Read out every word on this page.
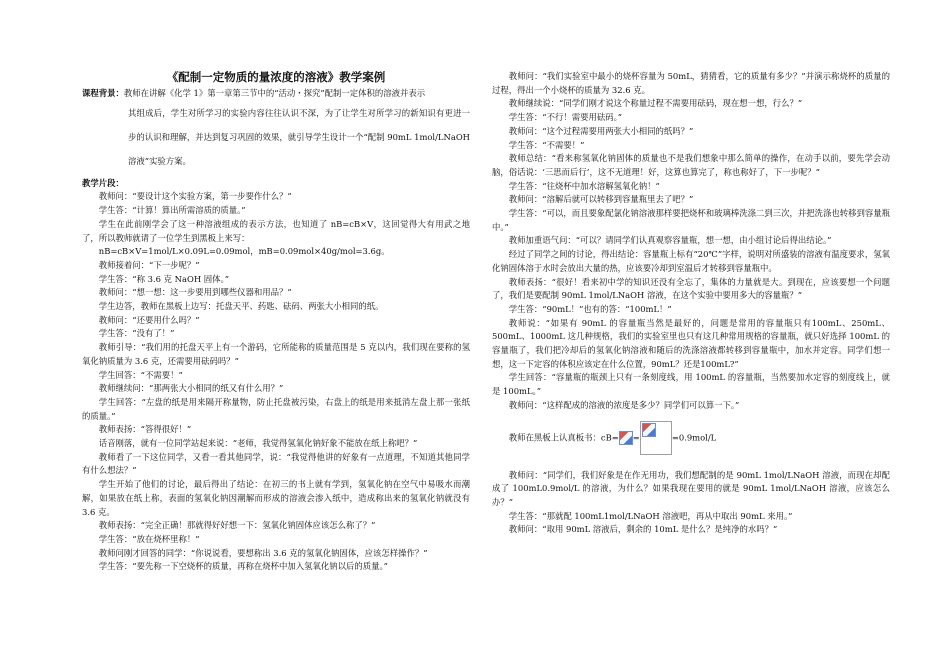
《配制一定物质的量浓度的溶液》教学案例

课程背景：教师在讲解《化学 1》第一章第三节中的“活动・探究”配制一定体积的溶液并表示

其组成后，学生对所学习的实验内容往往认识不深，为了让学生对所学习的新知识有更进一步的认识和理解，并达到复习巩固的效果，就引导学生设计一个“配制 90mL 1mol/LNaOH 溶液”实验方案。

教学片段：

教师问：“要设计这个实验方案，第一步要作什么？”

学生答：“计算！算出所需溶质的质量。”

学生在此前刚学会了这一种溶液组成的表示方法，也知道了 nB=cB×V，这回觉得大有用武之地了，所以教师就请了一位学生到黑板上来写：

nB=cB×V=1mol/L×0.09L=0.09mol，mB=0.09mol×40g/mol=3.6g。

教师接着问：“下一步呢？”

学生答：“称 3.6 克 NaOH 固体。”

教师问：“想一想：这一步要用到哪些仪器和用品？”

学生边答，教师在黑板上边写：托盘天平、药匙、砝码、两张大小相同的纸。

教师问：“还要用什么吗？”

学生答：“没有了！”

教师引导：“我们用的托盘天平上有一个游码，它所能称的质量范围是 5 克以内，我们现在要称的氢氧化钠质量为 3.6 克，还需要用砝码吗？”

学生回答：“不需要！”

教师继续问：“那两张大小相同的纸又有什么用？”

学生回答：“左盘的纸是用来隔开称量物，防止托盘被污染，右盘上的纸是用来抵消左盘上那一张纸的质量。”

教师表扬：“答得很好！”

话音刚落，就有一位同学站起来说：“老师，我觉得氢氧化钠好象不能放在纸上称吧？”

教师看了一下这位同学，又看一看其他同学，说：“我觉得他讲的好象有一点道理，不知道其他同学有什么想法？”

学生开始了他们的讨论，最后得出了结论：在初三的书上就有学到，氢氧化钠在空气中易吸水而潮解，如果放在纸上称，表面的氢氧化钠因潮解而形成的溶液会渗入纸中，造成称出来的氢氧化钠就没有 3.6 克。

教师表扬：“完全正确！那就得好好想一下：氢氧化钠固体应该怎么称了？”

学生答：“放在烧杯里称！”

教师问刚才回答的同学：“你说说看，要想称出 3.6 克的氢氧化钠固体，应该怎样操作？”

学生答：“要先称一下空烧杯的质量，再称在烧杯中加入氢氧化钠以后的质量。”

教师问：“我们实验室中最小的烧杯容量为 50mL，猜猜看，它的质量有多少？”并演示称烧杯的质量的过程，得出一个小烧杯的质量为 32.6 克。

教师继续说：“同学们刚才说这个称量过程不需要用砝码，现在想一想，行么？”

学生答：“不行！需要用砝码。”

教师问：“这个过程需要用两张大小相同的纸吗？”

学生答：“不需要！”

教师总结：“看来称氢氧化钠固体的质量也不是我们想象中那么简单的操作，在动手以前，要先学会动脑，俗话说：‘三思而后行’，这不无道理！好，这算也算完了，称也称好了，下一步呢？”

学生答：“往烧杯中加水溶解氢氧化钠！”

教师问：“溶解后就可以转移到容量瓶里去了吧？”

学生答：“可以，而且要象配氯化钠溶液那样要把烧杯和玻璃棒洗涤二到三次，并把洗涤也转移到容量瓶中。”

教师加重语气问：“可以？请同学们认真观察容量瓶，想一想，由小组讨论后得出结论。”

经过了同学之间的讨论，得出结论：容量瓶上标有“20℃”字样，说明对所盛装的溶液有温度要求，氢氧化钠固体溶于水时会放出大量的热，应该要冷却到室温后才转移到容量瓶中。

教师表扬：“很好！看来初中学的知识还没有全忘了，集体的力量就是大。到现在，应该要想一个问题了，我们是要配制 90mL 1mol/LNaOH 溶液，在这个实验中要用多大的容量瓶？”

学生答：“90mL！”也有的答：“100mL！”

教师说：“如果有 90mL 的容量瓶当然是最好的，问题是常用的容量瓶只有100mL、250mL、500mL、1000mL 这几种规格，我们的实验室里也只有这几种常用规格的容量瓶，就只好选择 100mL 的容量瓶了，我们把冷却后的氢氧化钠溶液和随后的洗涤溶液都转移到容量瓶中，加水并定容。同学们想一想，这一下定容的体积应该定在什么位置，90mL？还是100mL?”

学生回答：“容量瓶的瓶颈上只有一条刻度线，用 100mL 的容量瓶，当然要加水定容的刻度线上，就是 100mL。”

教师问：“这样配成的溶液的浓度是多少？同学们可以算一下。”

教师在黑板上认真板书：cB= =	=0.9mol/L

教师问：“同学们，我们好象是在作无用功，我们想配制的是 90mL 1mol/LNaOH 溶液，而现在却配成了 100mL0.9mol/L 的溶液，为什么？如果我现在要用的就是 90mL 1mol/LNaOH 溶液，应该怎么办？”

学生答：“那就配 100mL1mol/LNaOH 溶液吧，再从中取出 90mL 来用。”

教师问：“取用 90mL 溶液后，剩余的 10mL 是什么？是纯净的水吗？”
